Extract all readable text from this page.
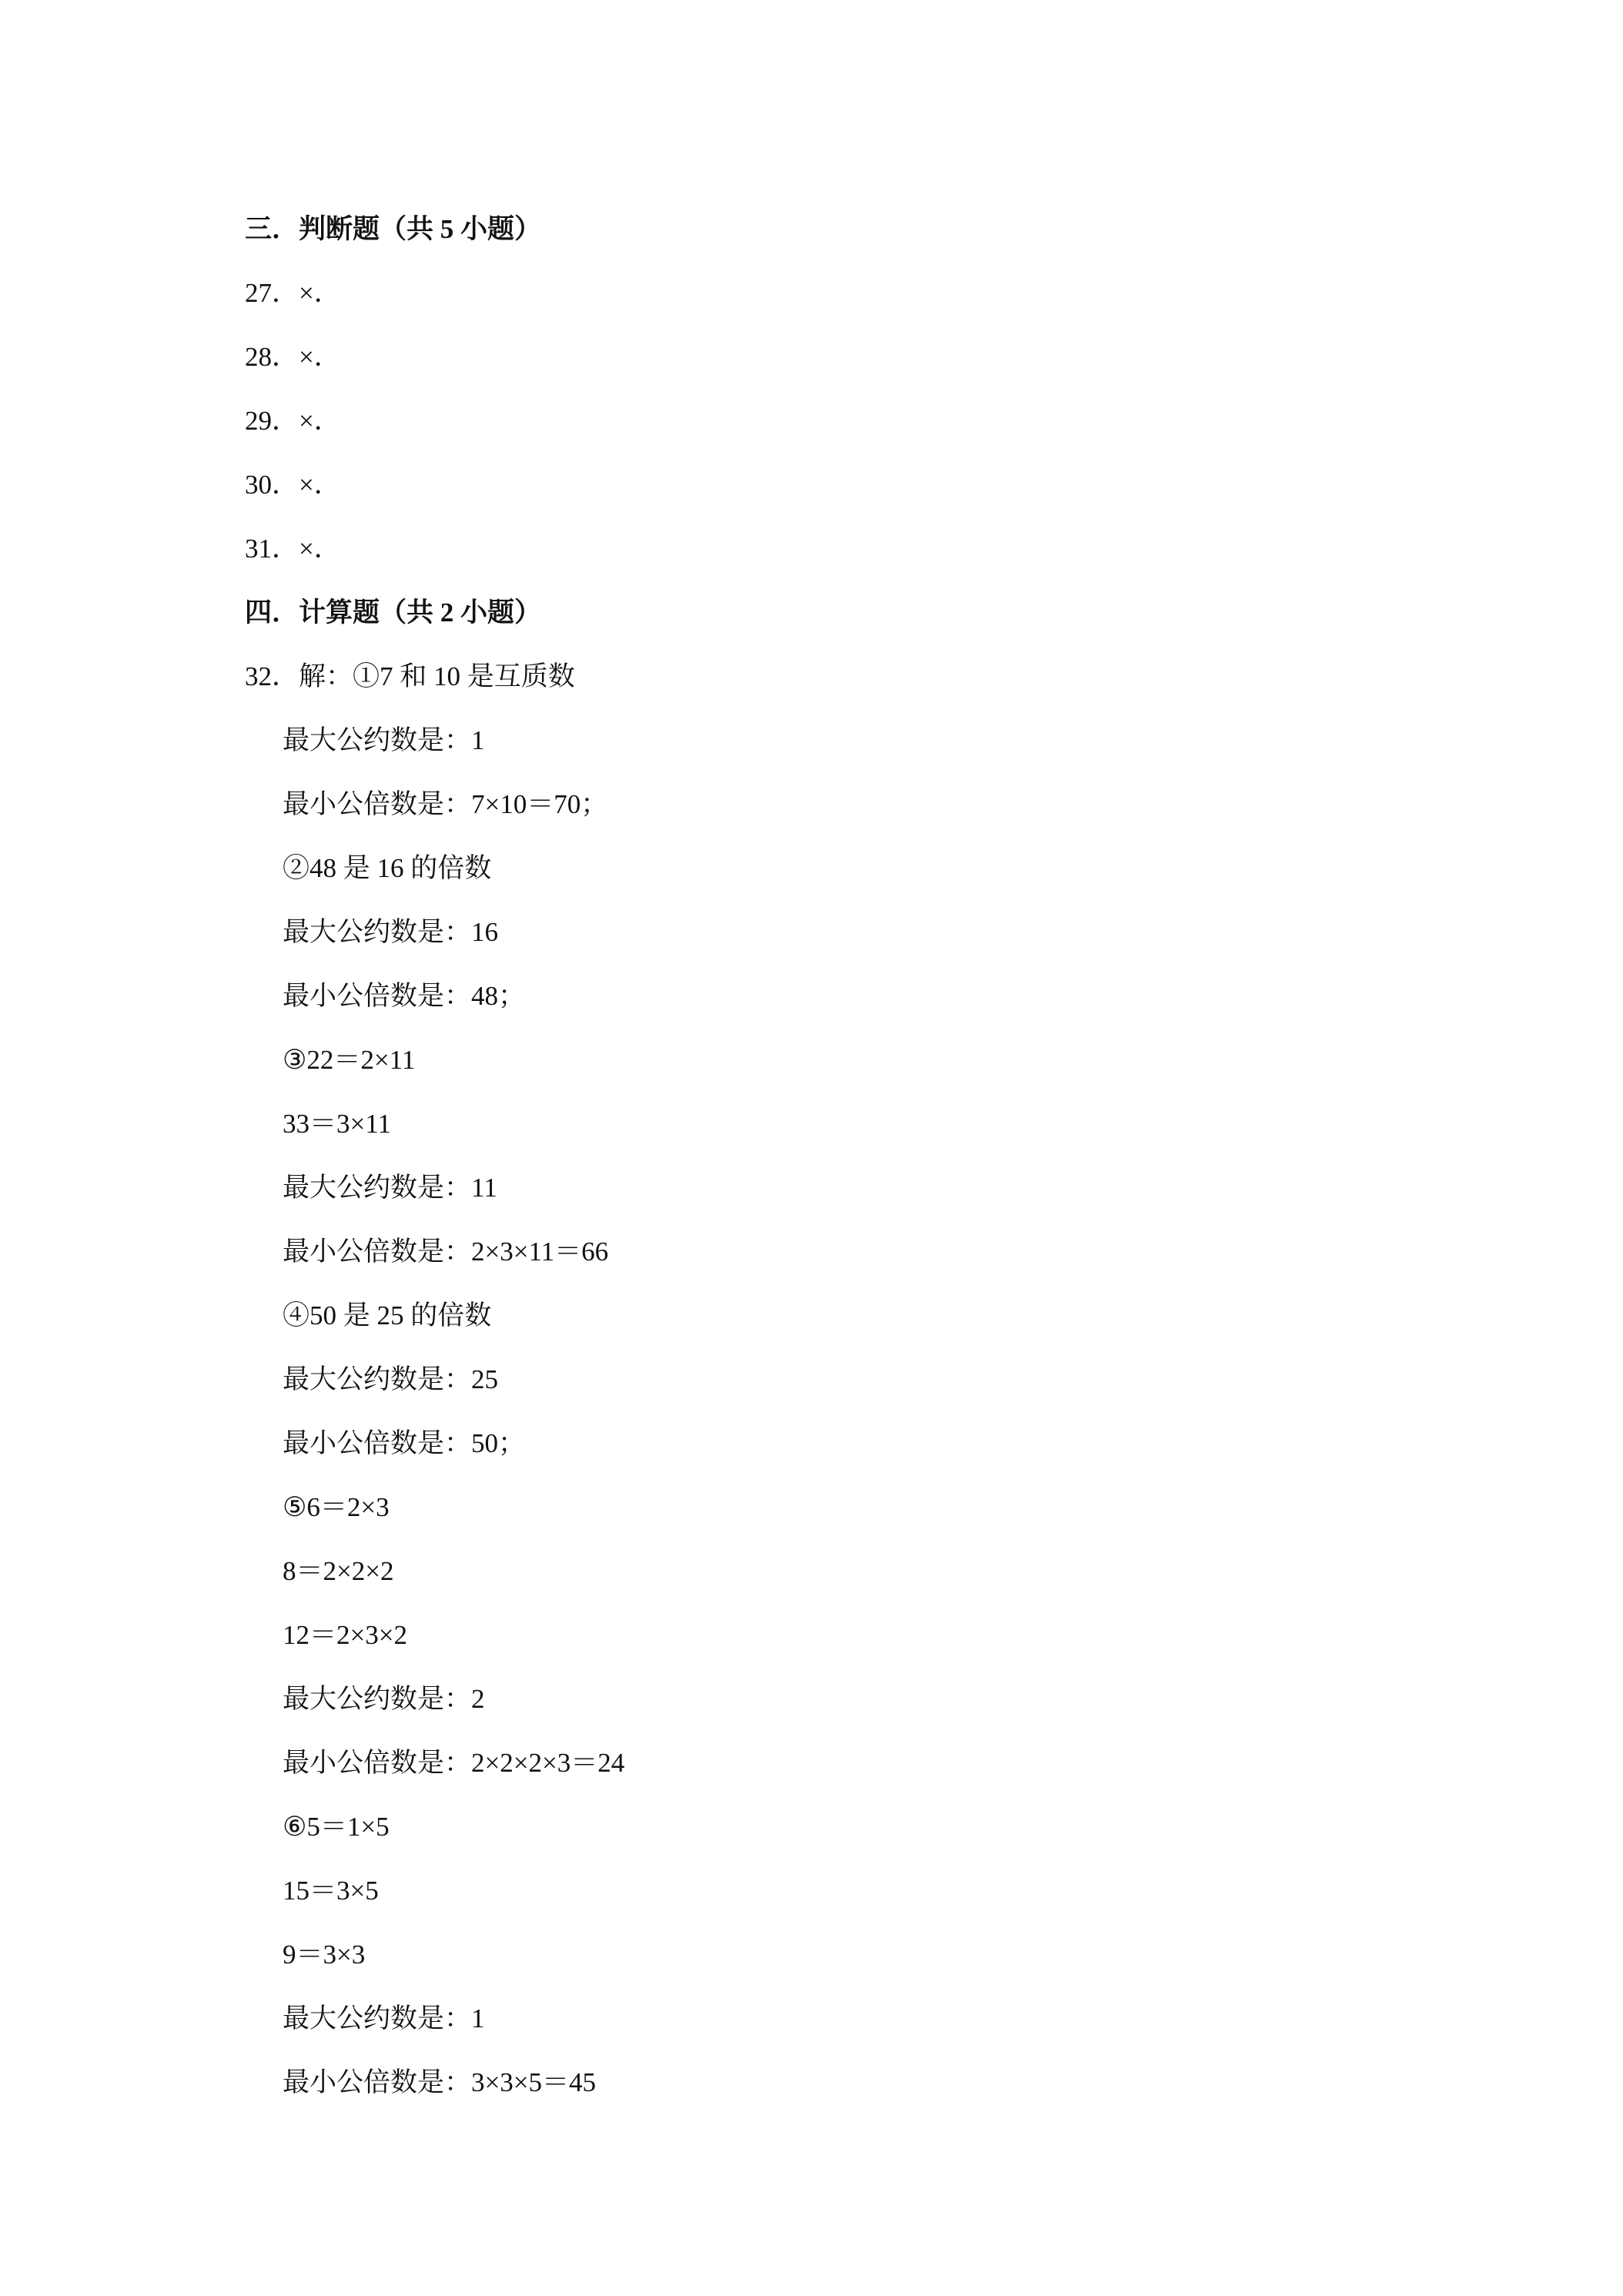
三．判断题（共 5 小题）
27．×．
28．×．
29．×．
30．×．
31．×．
四．计算题（共 2 小题）
32．解：①7 和 10 是互质数
最大公约数是：1
最小公倍数是：7×10＝70；
②48 是 16 的倍数
最大公约数是：16
最小公倍数是：48；
③22＝2×11
33＝3×11
最大公约数是：11
最小公倍数是：2×3×11＝66
④50 是 25 的倍数
最大公约数是：25
最小公倍数是：50；
⑤6＝2×3
8＝2×2×2
12＝2×3×2
最大公约数是：2
最小公倍数是：2×2×2×3＝24
⑥5＝1×5
15＝3×5
9＝3×3
最大公约数是：1
最小公倍数是：3×3×5＝45
